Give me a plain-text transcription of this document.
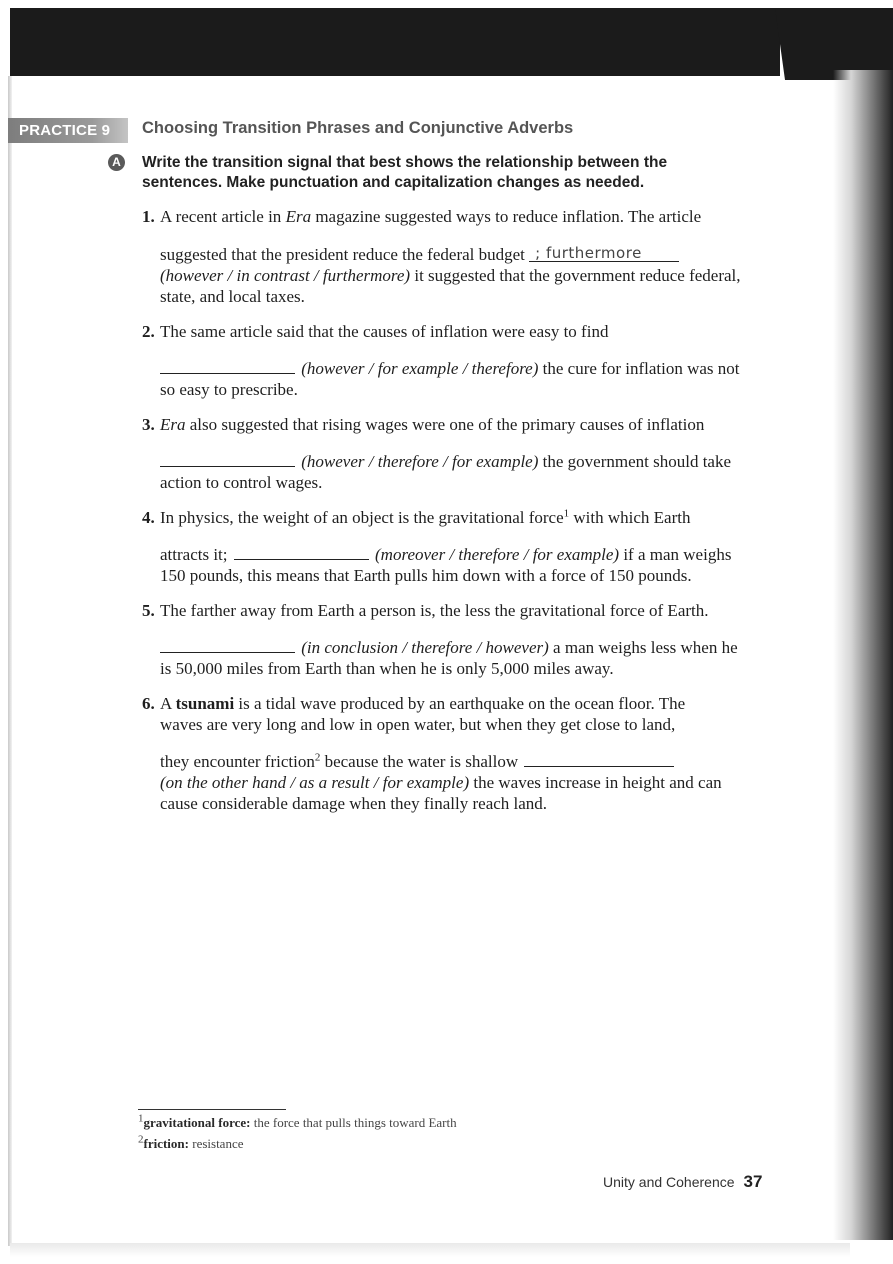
PRACTICE 9	Choosing Transition Phrases and Conjunctive Adverbs
A Write the transition signal that best shows the relationship between the
sentences. Make punctuation and capitalization changes as needed.
1. A recent article in Era magazine suggested ways to reduce inflation. The article
suggested that the president reduce the federal budget ; furthermore
(however / in contrast / furthermore) it suggested that the government reduce federal,
state, and local taxes.
2. The same article said that the causes of inflation were easy to find
(however / for example / therefore) the cure for inflation was not
so easy to prescribe.
3. Era also suggested that rising wages were one of the primary causes of inflation
(however / therefore / for example) the government should take
action to control wages.
4. In physics, the weight of an object is the gravitational force$^1$ with which Earth
attracts it;	(moreover / therefore / for example) if a man weighs
150 pounds, this means that Earth pulls him down with a force of 150 pounds.
5. The farther away from Earth a person is, the less the gravitational force of Earth.
(in conclusion / therefore / however) a man weighs less when he
is 50,000 miles from Earth than when he is only 5,000 miles away.
6. A tsunami is a tidal wave produced by an earthquake on the ocean floor. The
waves are very long and low in open water, but when they get close to land,
they encounter friction$^2$ because the water is shallow
(on the other hand / as a result / for example) the waves increase in height and can
cause considerable damage when they finally reach land.
$^1$gravitational force: the force that pulls things toward Earth
$^2$friction: resistance
Unity and Coherence 37
